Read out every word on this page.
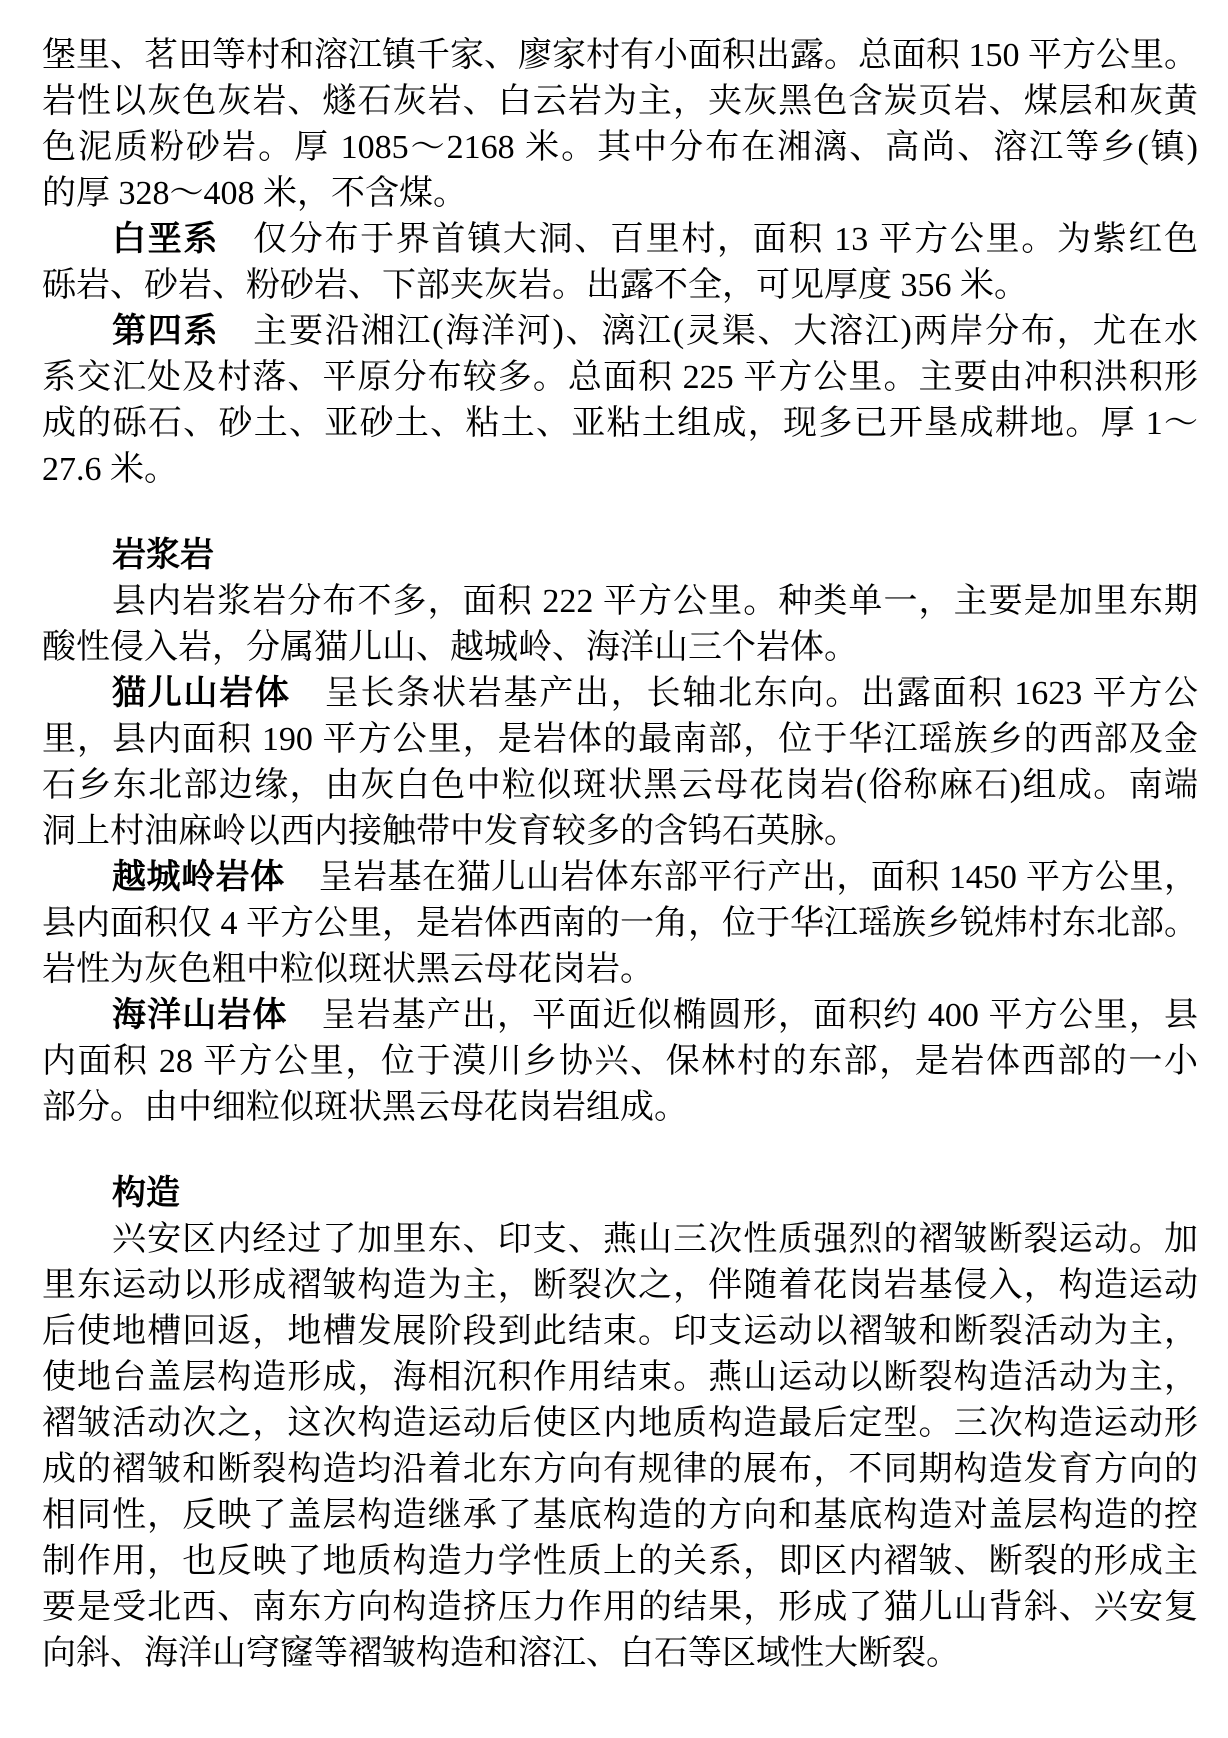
堡里、茗田等村和溶江镇千家、廖家村有小面积出露。总面积 150 平方公里。
岩性以灰色灰岩、燧石灰岩、白云岩为主，夹灰黑色含炭页岩、煤层和灰黄
色泥质粉砂岩。厚 1085～2168 米。其中分布在湘漓、高尚、溶江等乡(镇)
的厚 328～408 米，不含煤。
白垩系 仅分布于界首镇大洞、百里村，面积 13 平方公里。为紫红色
砾岩、砂岩、粉砂岩、下部夹灰岩。出露不全，可见厚度 356 米。
第四系 主要沿湘江(海洋河)、漓江(灵渠、大溶江)两岸分布，尤在水
系交汇处及村落、平原分布较多。总面积 225 平方公里。主要由冲积洪积形
成的砾石、砂土、亚砂土、粘土、亚粘土组成，现多已开垦成耕地。厚 1～
27.6 米。
岩浆岩
县内岩浆岩分布不多，面积 222 平方公里。种类单一，主要是加里东期
酸性侵入岩，分属猫儿山、越城岭、海洋山三个岩体。
猫儿山岩体 呈长条状岩基产出，长轴北东向。出露面积 1623 平方公
里，县内面积 190 平方公里，是岩体的最南部，位于华江瑶族乡的西部及金
石乡东北部边缘，由灰白色中粒似斑状黑云母花岗岩(俗称麻石)组成。南端
洞上村油麻岭以西内接触带中发育较多的含钨石英脉。
越城岭岩体 呈岩基在猫儿山岩体东部平行产出，面积 1450 平方公里，
县内面积仅 4 平方公里，是岩体西南的一角，位于华江瑶族乡锐炜村东北部。
岩性为灰色粗中粒似斑状黑云母花岗岩。
海洋山岩体 呈岩基产出，平面近似椭圆形，面积约 400 平方公里，县
内面积 28 平方公里，位于漠川乡协兴、保林村的东部，是岩体西部的一小
部分。由中细粒似斑状黑云母花岗岩组成。
构造
兴安区内经过了加里东、印支、燕山三次性质强烈的褶皱断裂运动。加
里东运动以形成褶皱构造为主，断裂次之，伴随着花岗岩基侵入，构造运动
后使地槽回返，地槽发展阶段到此结束。印支运动以褶皱和断裂活动为主，
使地台盖层构造形成，海相沉积作用结束。燕山运动以断裂构造活动为主，
褶皱活动次之，这次构造运动后使区内地质构造最后定型。三次构造运动形
成的褶皱和断裂构造均沿着北东方向有规律的展布，不同期构造发育方向的
相同性，反映了盖层构造继承了基底构造的方向和基底构造对盖层构造的控
制作用，也反映了地质构造力学性质上的关系，即区内褶皱、断裂的形成主
要是受北西、南东方向构造挤压力作用的结果，形成了猫儿山背斜、兴安复
向斜、海洋山穹窿等褶皱构造和溶江、白石等区域性大断裂。
